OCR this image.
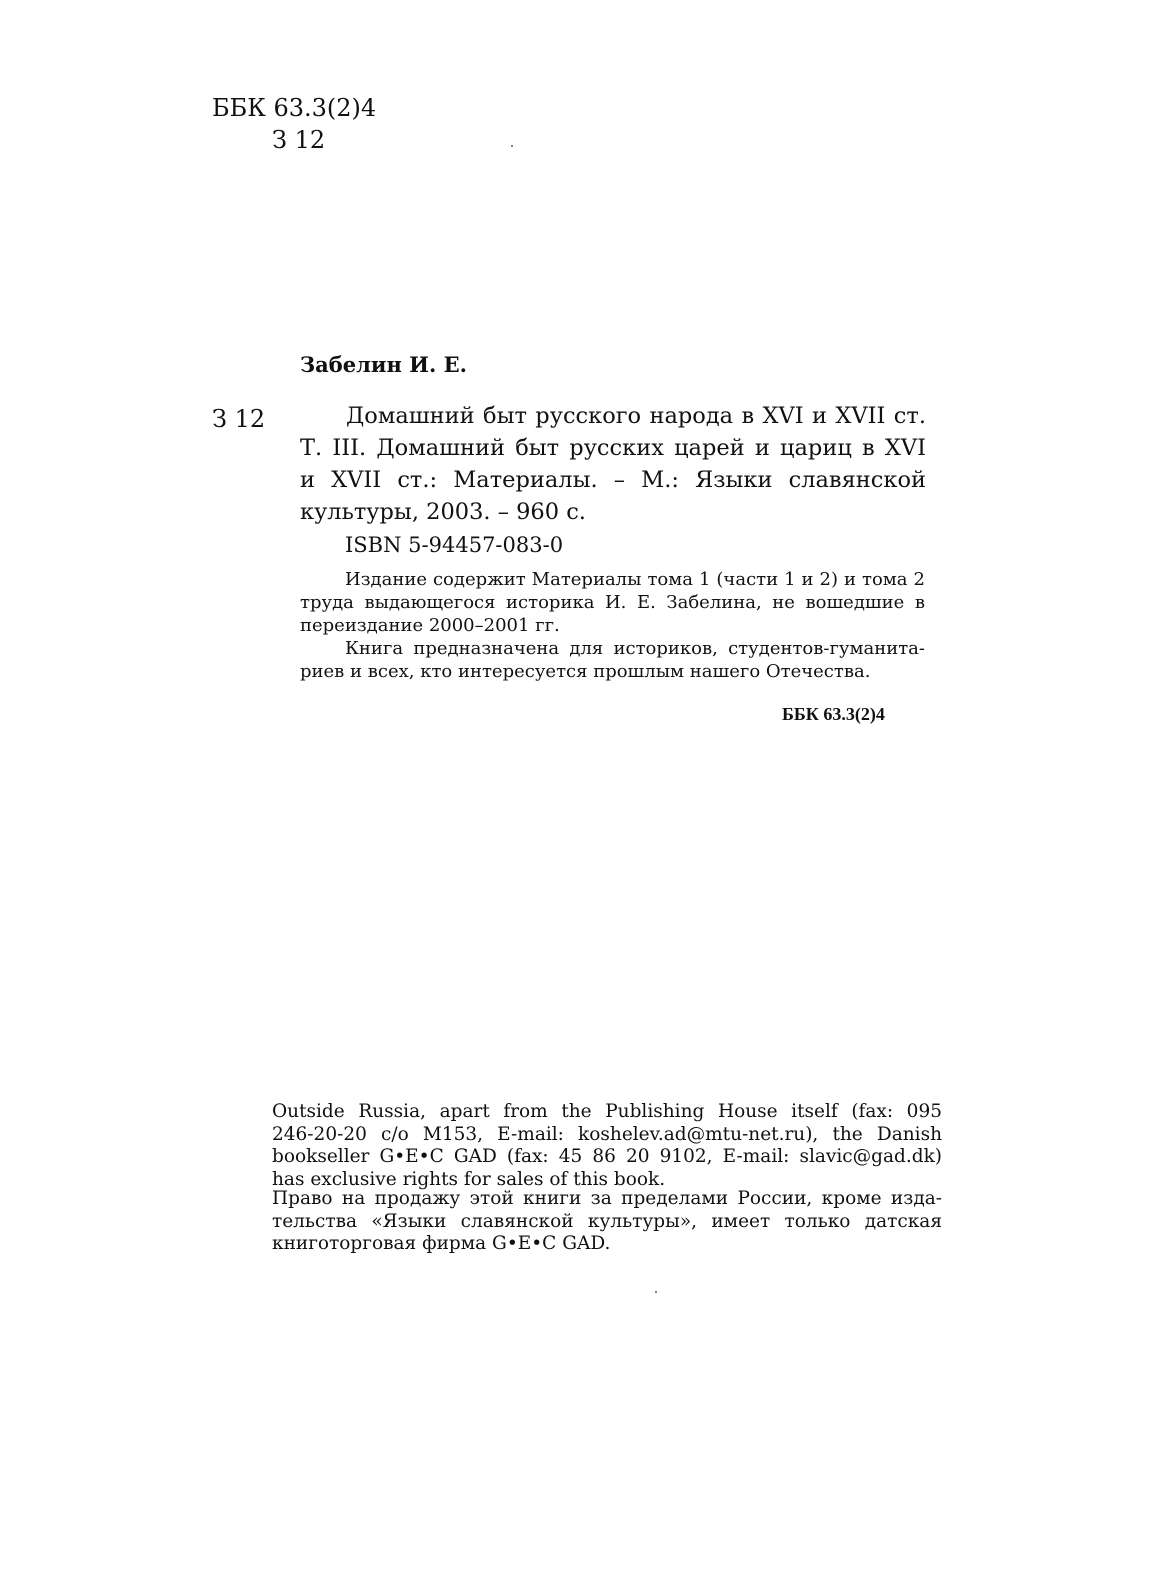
ББК 63.3(2)4
З 12
Забелин И. Е.
З 12	Домашний быт русского народа в XVI и XVII ст.
Т. III. Домашний быт русских царей и цариц в XVI
и XVII ст.: Материалы. – М.: Языки славянской
культуры, 2003. – 960 с.
ISBN 5-94457-083-0
Издание содержит Материалы тома 1 (части 1 и 2) и тома 2
труда выдающегося историка И. Е. Забелина, не вошедшие в
переиздание 2000–2001 гг.
Книга предназначена для историков, студентов-гуманита-
риев и всех, кто интересуется прошлым нашего Отечества.
ББК 63.3(2)4
Outside Russia, apart from the Publishing House itself (fax: 095
246-20-20 c/o M153, E-mail: koshelev.ad@mtu-net.ru), the Danish
bookseller G•E•C GAD (fax: 45 86 20 9102, E-mail: slavic@gad.dk)
has exclusive rights for sales of this book.
Право на продажу этой книги за пределами России, кроме изда-
тельства «Языки славянской культуры», имеет только датская
книготорговая фирма G•E•C GAD.
